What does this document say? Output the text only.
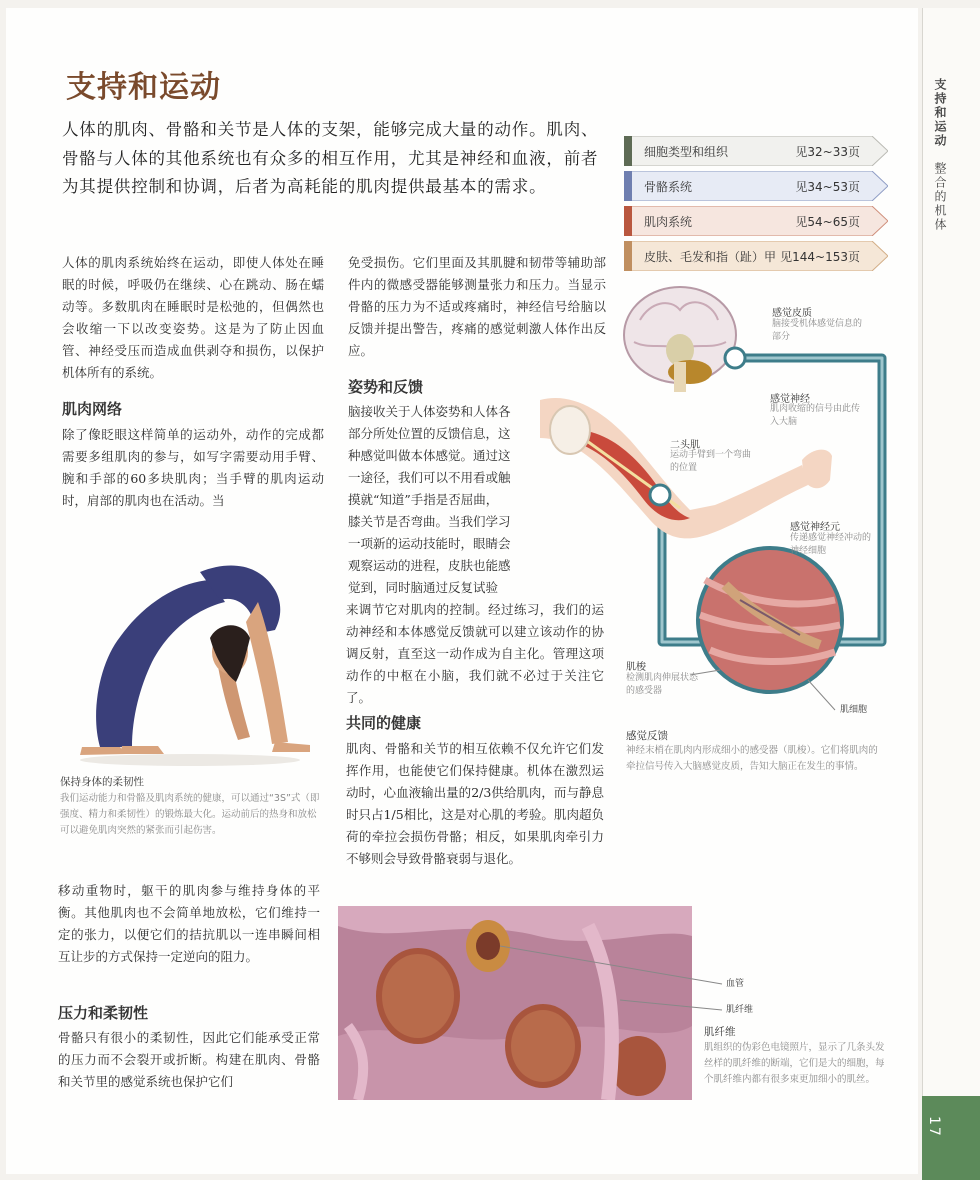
支持和运动
人体的肌肉、骨骼和关节是人体的支架，能够完成大量的动作。肌肉、骨骼与人体的其他系统也有众多的相互作用，尤其是神经和血液，前者为其提供控制和协调，后者为高耗能的肌肉提供最基本的需求。
细胞类型和组织	见32~33页
骨骼系统	见34~53页
肌肉系统	见54~65页
皮肤、毛发和指（趾）甲 见144~153页
人体的肌肉系统始终在运动，即使人体处在睡眠的时候，呼吸仍在继续、心在跳动、肠在蠕动等。多数肌肉在睡眠时是松弛的，但偶然也会收缩一下以改变姿势。这是为了防止因血管、神经受压而造成血供剥夺和损伤，以保护机体所有的系统。
肌肉网络
除了像眨眼这样简单的运动外，动作的完成都需要多组肌肉的参与，如写字需要动用手臂、腕和手部的60多块肌肉；当手臂的肌肉运动时，肩部的肌肉也在活动。当
保持身体的柔韧性
我们运动能力和骨骼及肌肉系统的健康，可以通过“3S”式（即强度、精力和柔韧性）的锻炼最大化。运动前后的热身和放松可以避免肌肉突然的紧张而引起伤害。
移动重物时，躯干的肌肉参与维持身体的平衡。其他肌肉也不会简单地放松，它们维持一定的张力，以便它们的拮抗肌以一连串瞬间相互让步的方式保持一定逆向的阻力。
压力和柔韧性
骨骼只有很小的柔韧性，因此它们能承受正常的压力而不会裂开或折断。构建在肌肉、骨骼和关节里的感觉系统也保护它们
免受损伤。它们里面及其肌腱和韧带等辅助部件内的微感受器能够测量张力和压力。当显示骨骼的压力为不适或疼痛时，神经信号给脑以反馈并提出警告，疼痛的感觉刺激人体作出反应。
姿势和反馈
脑接收关于人体姿势和人体各
部分所处位置的反馈信息，这
种感觉叫做本体感觉。通过这
一途径，我们可以不用看或触
摸就“知道”手指是否屈曲，
膝关节是否弯曲。当我们学习
一项新的运动技能时，眼睛会
观察运动的进程，皮肤也能感
觉到，同时脑通过反复试验
来调节它对肌肉的控制。经过练习，我们的运动神经和本体感觉反馈就可以建立该动作的协调反射，直至这一动作成为自主化。管理这项动作的中枢在小脑，我们就不必过于关注它了。
共同的健康
肌肉、骨骼和关节的相互依赖不仅允许它们发挥作用，也能使它们保持健康。机体在激烈运动时，心血液输出量的2/3供给肌肉，而与静息时只占1/5相比，这是对心肌的考验。肌肉超负荷的牵拉会损伤骨骼；相反，如果肌肉牵引力不够则会导致骨骼衰弱与退化。
感觉皮质
脑接受机体感觉信息的部分
感觉神经
肌肉收缩的信号由此传入大脑
二头肌
运动手臂到一个弯曲的位置
感觉神经元
传递感觉神经冲动的神经细胞
肌梭
检测肌肉伸展状态的感受器
肌细胞
感觉反馈
神经末梢在肌肉内形成细小的感受器（肌梭）。它们将肌肉的牵拉信号传入大脑感觉皮质，告知大脑正在发生的事情。
血管
肌纤维
肌纤维
肌组织的伪彩色电镜照片，显示了几条头发丝样的肌纤维的断端，它们是大的细胞，每个肌纤维内都有很多束更加细小的肌丝。
支持和运动
整合的机体
17
